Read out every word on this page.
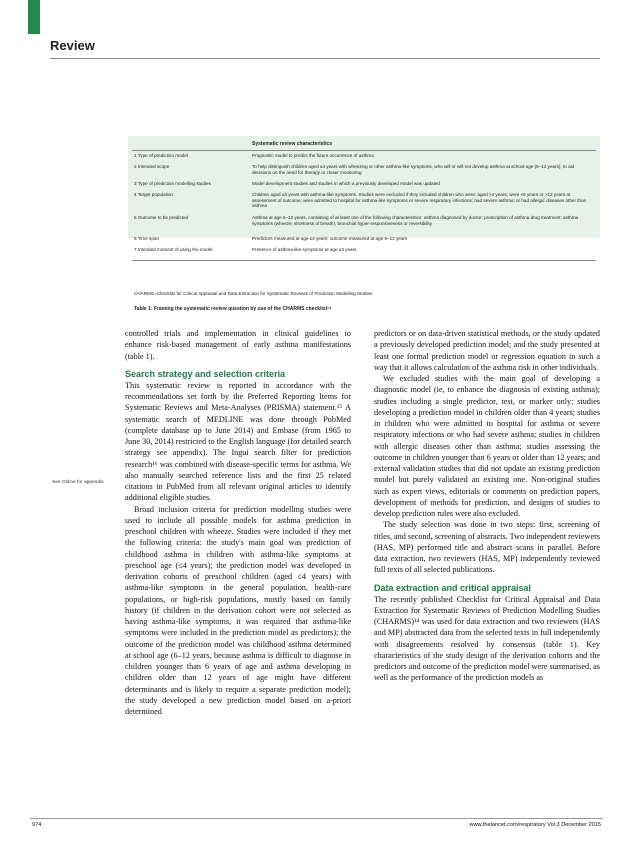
Review
Systematic review characteristics
1 Type of prediction model	Prognostic model to predict the future occurrence of asthma
2 Intended scope	To help distinguish children aged ≤4 years with wheezing or other asthma-like symptoms, who will or will not develop asthma at school age (6–12 years), to aid decisions on the need for therapy or closer monitoring
3 Type of prediction modelling studies	Model development studies and studies in which a previously developed model was updated
4 Target population	Children aged ≤4 years with asthma-like symptoms. Studies were excluded if they included children who were: aged >4 years; were <6 years or >12 years at assessment of outcome; were admitted to hospital for asthma-like symptoms or severe respiratory infections; had severe asthma; or had allergic diseases other than asthma
5 Outcome to be predicted	Asthma at age 6–12 years, consisting of at least one of the following characteristics: asthma diagnosed by doctor; prescription of asthma drug treatment; asthma symptoms (wheeze, shortness of breath), bronchial hyper-responsiveness or reversibility
6 Time span	Predictors measured at age ≤4 years; outcome measured at age 6–12 years
7 Intended moment of using the model	Presence of asthma-like symptoms at age ≤4 years
CHARMS=Checklist for Critical Appraisal and Data Extraction for Systematic Reviews of Prediction Modelling Studies.
Table 1: Framing the systematic review question by use of the CHARMS checklist¹⁴
See Online for appendix

controlled trials and implementation in clinical guidelines to enhance risk-based management of early asthma manifestations (table 1).

Search strategy and selection criteria

This systematic review is reported in accordance with the recommendations set forth by the Preferred Reporting Items for Systematic Reviews and Meta-Analyses (PRISMA) statement.¹⁵ A systematic search of MEDLINE was done through PubMed (complete database up to June 2014) and Embase (from 1965 to June 30, 2014) restricted to the English language (for detailed search strategy see appendix). The Ingui search filter for prediction research¹⁶ was combined with disease-specific terms for asthma. We also manually searched reference lists and the first 25 related citations in PubMed from all relevant original articles to identify additional eligible studies.

Broad inclusion criteria for prediction modelling studies were used to include all possible models for asthma prediction in preschool children with wheeze. Studies were included if they met the following criteria: the study's main goal was prediction of childhood asthma in children with asthma-like symptoms at preschool age (≤4 years); the prediction model was developed in derivation cohorts of preschool children (aged ≤4 years) with asthma-like symptoms in the general population, health-care populations, or high-risk populations, mostly based on family history (if children in the derivation cohort were not selected as having asthma-like symptoms, it was required that asthma-like symptoms were included in the prediction model as predictors); the outcome of the prediction model was childhood asthma determined at school age (6–12 years, because asthma is difficult to diagnose in children younger than 6 years of age and asthma developing in children older than 12 years of age might have different determinants and is likely to require a separate prediction model); the study developed a new prediction model based on a-priori determined

predictors or on data-driven statistical methods, or the study updated a previously developed prediction model; and the study presented at least one formal prediction model or regression equation in such a way that it allows calculation of the asthma risk in other individuals.

We excluded studies with the main goal of developing a diagnostic model (ie, to enhance the diagnosis of existing asthma); studies including a single predictor, test, or marker only; studies developing a prediction model in children older than 4 years; studies in children who were admitted to hospital for asthma or severe respiratory infections or who had severe asthma; studies in children with allergic diseases other than asthma; studies assessing the outcome in children younger than 6 years or older than 12 years; and external validation studies that did not update an existing prediction model but purely validated an existing one. Non-original studies such as expert views, editorials or comments on prediction papers, development of methods for prediction, and designs of studies to develop prediction rules were also excluded.

The study selection was done in two steps: first, screening of titles, and second, screening of abstracts. Two independent reviewers (HAS, MP) performed title and abstract scans in parallel. Before data extraction, two reviewers (HAS, MP) independently reviewed full texts of all selected publications.

Data extraction and critical appraisal

The recently published Checklist for Critical Appraisal and Data Extraction for Systematic Reviews of Prediction Modelling Studies (CHARMS)¹⁴ was used for data extraction and two reviewers (HAS and MP) abstracted data from the selected texts in full independently with disagreements resolved by consensus (table 1). Key characteristics of the study design of the derivation cohorts and the predictors and outcome of the prediction model were summarised, as well as the performance of the prediction models as

974	www.thelancet.com/respiratory Vol 3 December 2015
